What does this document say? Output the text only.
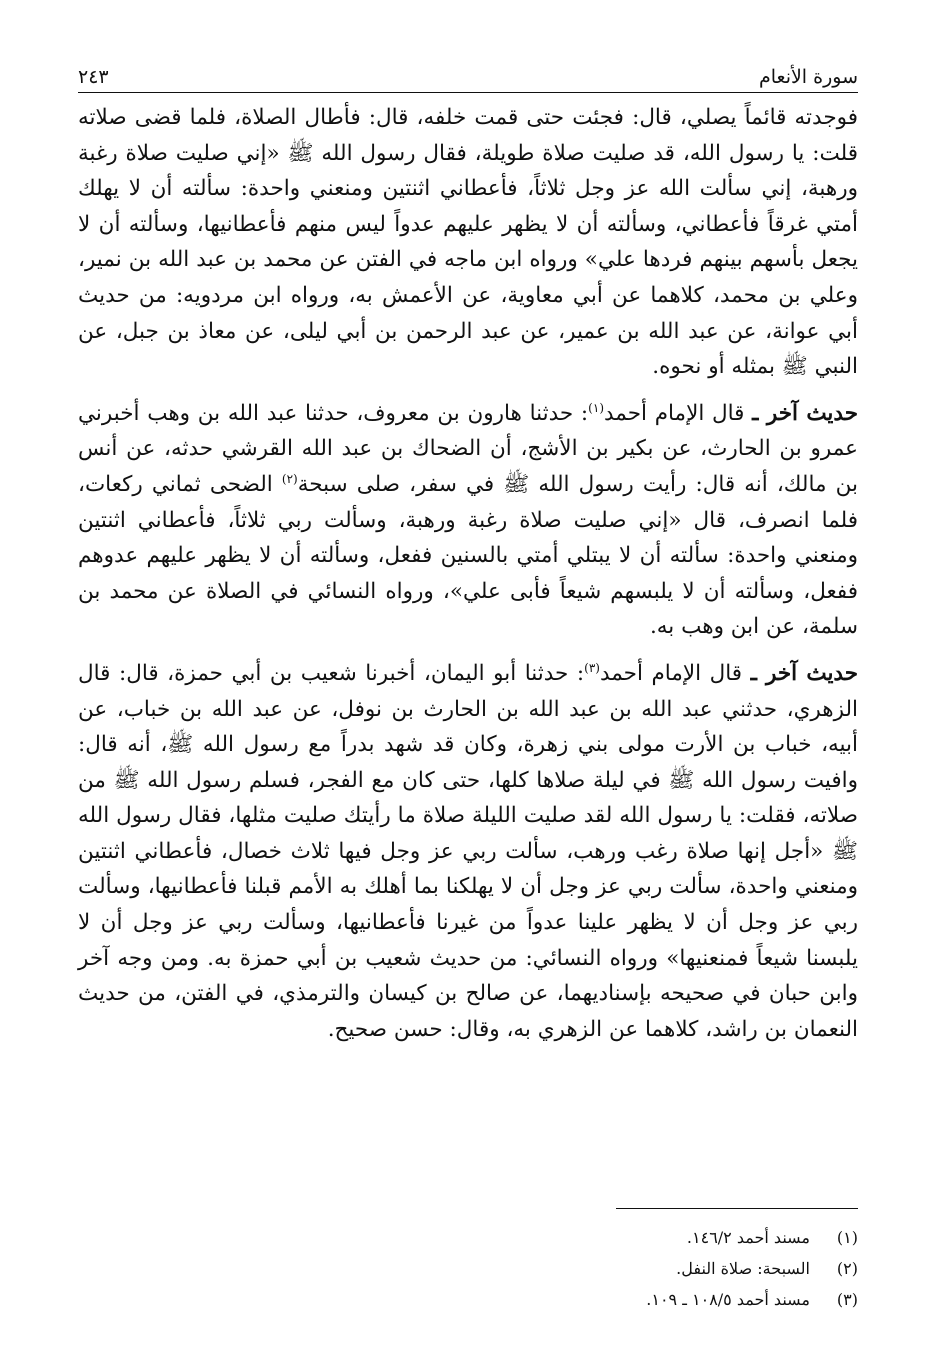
سورة الأنعام
٢٤٣

فوجدته قائماً يصلي، قال: فجئت حتى قمت خلفه، قال: فأطال الصلاة، فلما قضى صلاته قلت: يا رسول الله، قد صليت صلاة طويلة، فقال رسول الله ﷺ «إني صليت صلاة رغبة ورهبة، إني سألت الله عز وجل ثلاثاً، فأعطاني اثنتين ومنعني واحدة: سألته أن لا يهلك أمتي غرقاً فأعطاني، وسألته أن لا يظهر عليهم عدواً ليس منهم فأعطانيها، وسألته أن لا يجعل بأسهم بينهم فردها علي» ورواه ابن ماجه في الفتن عن محمد بن عبد الله بن نمير، وعلي بن محمد، كلاهما عن أبي معاوية، عن الأعمش به، ورواه ابن مردويه: من حديث أبي عوانة، عن عبد الله بن عمير، عن عبد الرحمن بن أبي ليلى، عن معاذ بن جبل، عن النبي ﷺ بمثله أو نحوه.

حديث آخر ـ قال الإمام أحمد$^{(١)}$: حدثنا هارون بن معروف، حدثنا عبد الله بن وهب أخبرني عمرو بن الحارث، عن بكير بن الأشج، أن الضحاك بن عبد الله القرشي حدثه، عن أنس بن مالك، أنه قال: رأيت رسول الله ﷺ في سفر، صلى سبحة$^{(٢)}$ الضحى ثماني ركعات، فلما انصرف، قال «إني صليت صلاة رغبة ورهبة، وسألت ربي ثلاثاً، فأعطاني اثنتين ومنعني واحدة: سألته أن لا يبتلي أمتي بالسنين ففعل، وسألته أن لا يظهر عليهم عدوهم ففعل، وسألته أن لا يلبسهم شيعاً فأبى علي»، ورواه النسائي في الصلاة عن محمد بن سلمة، عن ابن وهب به.

حديث آخر ـ قال الإمام أحمد$^{(٣)}$: حدثنا أبو اليمان، أخبرنا شعيب بن أبي حمزة، قال: قال الزهري، حدثني عبد الله بن عبد الله بن الحارث بن نوفل، عن عبد الله بن خباب، عن أبيه، خباب بن الأرت مولى بني زهرة، وكان قد شهد بدراً مع رسول الله ﷺ، أنه قال: وافيت رسول الله ﷺ في ليلة صلاها كلها، حتى كان مع الفجر، فسلم رسول الله ﷺ من صلاته، فقلت: يا رسول الله لقد صليت الليلة صلاة ما رأيتك صليت مثلها، فقال رسول الله ﷺ «أجل إنها صلاة رغب ورهب، سألت ربي عز وجل فيها ثلاث خصال، فأعطاني اثنتين ومنعني واحدة، سألت ربي عز وجل أن لا يهلكنا بما أهلك به الأمم قبلنا فأعطانيها، وسألت ربي عز وجل أن لا يظهر علينا عدواً من غيرنا فأعطانيها، وسألت ربي عز وجل أن لا يلبسنا شيعاً فمنعنيها» ورواه النسائي: من حديث شعيب بن أبي حمزة به. ومن وجه آخر وابن حبان في صحيحه بإسناديهما، عن صالح بن كيسان والترمذي، في الفتن، من حديث النعمان بن راشد، كلاهما عن الزهري به، وقال: حسن صحيح.

(١)
مسند أحمد ١٤٦/٢.
(٢)
السبحة: صلاة النفل.
(٣)
مسند أحمد ١٠٨/٥ ـ ١٠٩.
